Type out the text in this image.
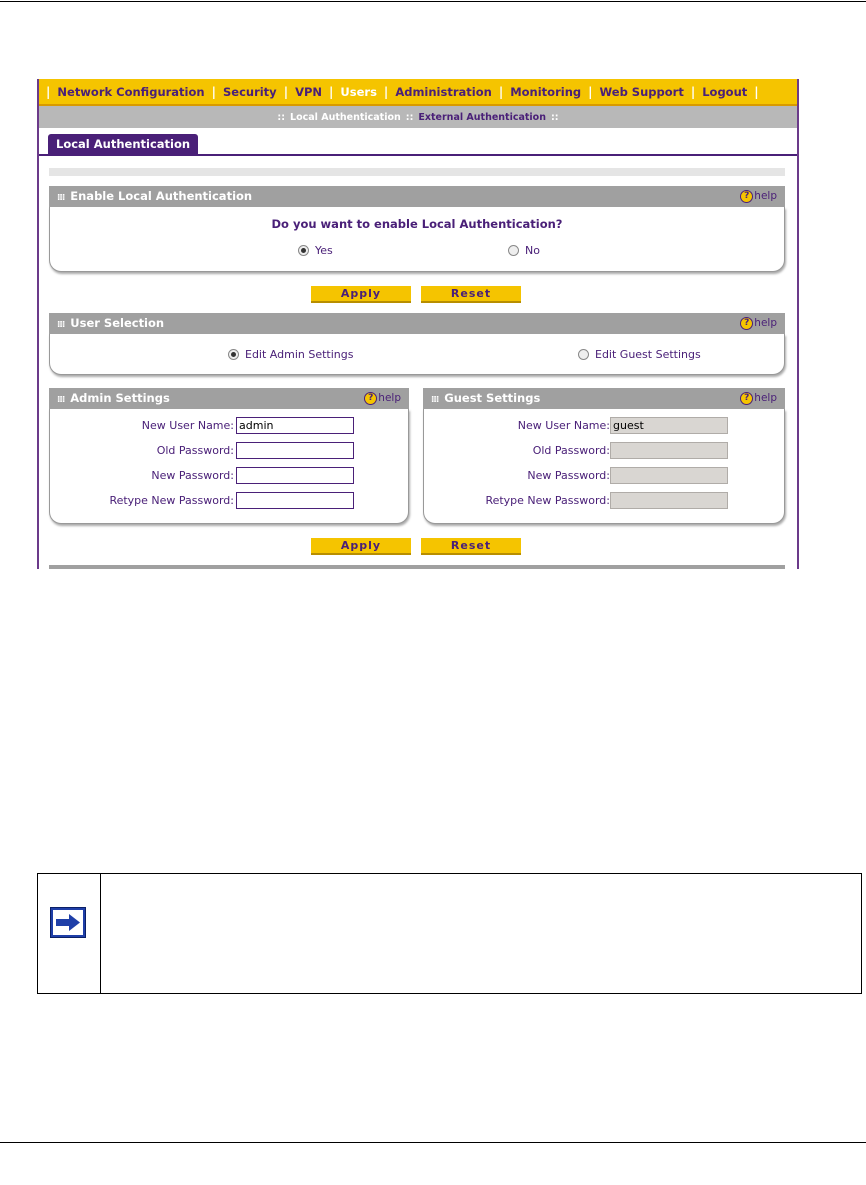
| Network Configuration | Security | VPN | Users | Administration | Monitoring | Web Support | Logout |
:: Local Authentication :: External Authentication ::
Local Authentication
⁞⁞⁞ Enable Local Authentication	? help
Do you want to enable Local Authentication?
Yes	No
Apply	Reset
⁞⁞⁞ User Selection	? help
Edit Admin Settings	Edit Guest Settings
⁞⁞⁞ Admin Settings	? help
New User Name: admin
Old Password:
New Password:
Retype New Password:
⁞⁞⁞ Guest Settings	? help
New User Name: guest
Old Password:
New Password:
Retype New Password:
Apply	Reset
